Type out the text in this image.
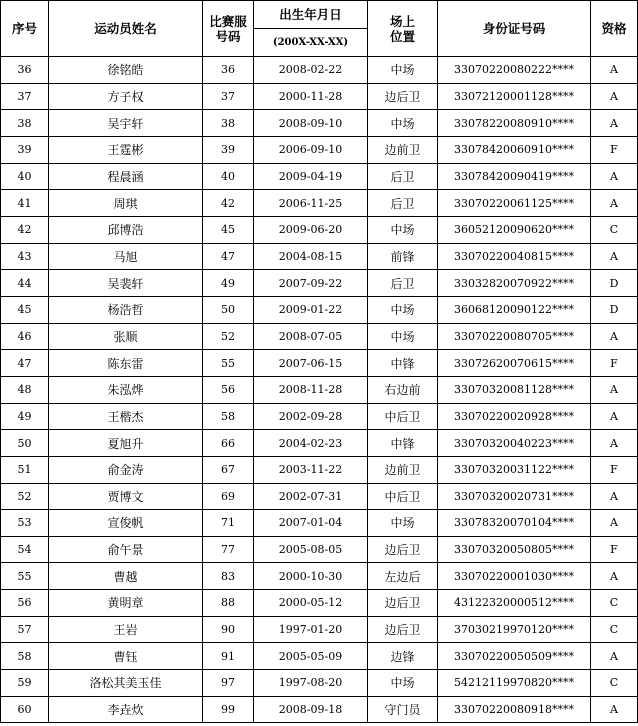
序号	运动员姓名	比赛服号码	出生年月日	场上位置	身份证号码	资格
			(200X-XX-XX)			
36	徐铭皓	36	2008-02-22	中场	33070220080222****	A
37	方子权	37	2000-11-28	边后卫	33072120001128****	A
38	吴宇轩	38	2008-09-10	中场	33078220080910****	A
39	王霆彬	39	2006-09-10	边前卫	33078420060910****	F
40	程晨涵	40	2009-04-19	后卫	33078420090419****	A
41	周琪	42	2006-11-25	后卫	33070220061125****	A
42	邱博浩	45	2009-06-20	中场	36052120090620****	C
43	马旭	47	2004-08-15	前锋	33070220040815****	A
44	吴裴轩	49	2007-09-22	后卫	33032820070922****	D
45	杨浩哲	50	2009-01-22	中场	36068120090122****	D
46	张顺	52	2008-07-05	中场	33070220080705****	A
47	陈东雷	55	2007-06-15	中锋	33072620070615****	F
48	朱泓烨	56	2008-11-28	右边前	33070320081128****	A
49	王楷杰	58	2002-09-28	中后卫	33070220020928****	A
50	夏旭升	66	2004-02-23	中锋	33070320040223****	A
51	俞金涛	67	2003-11-22	边前卫	33070320031122****	F
52	贾博文	69	2002-07-31	中后卫	33070320020731****	A
53	宣俊帆	71	2007-01-04	中场	33078320070104****	A
54	俞午景	77	2005-08-05	边后卫	33070320050805****	F
55	曹越	83	2000-10-30	左边后	33070220001030****	A
56	黄明章	88	2000-05-12	边后卫	43122320000512****	C
57	王岩	90	1997-01-20	边后卫	37030219970120****	C
58	曹钰	91	2005-05-09	边锋	33070220050509****	A
59	洛松其美玉佳	97	1997-08-20	中场	54212119970820****	C
60	李垚炊	99	2008-09-18	守门员	33070220080918****	A
